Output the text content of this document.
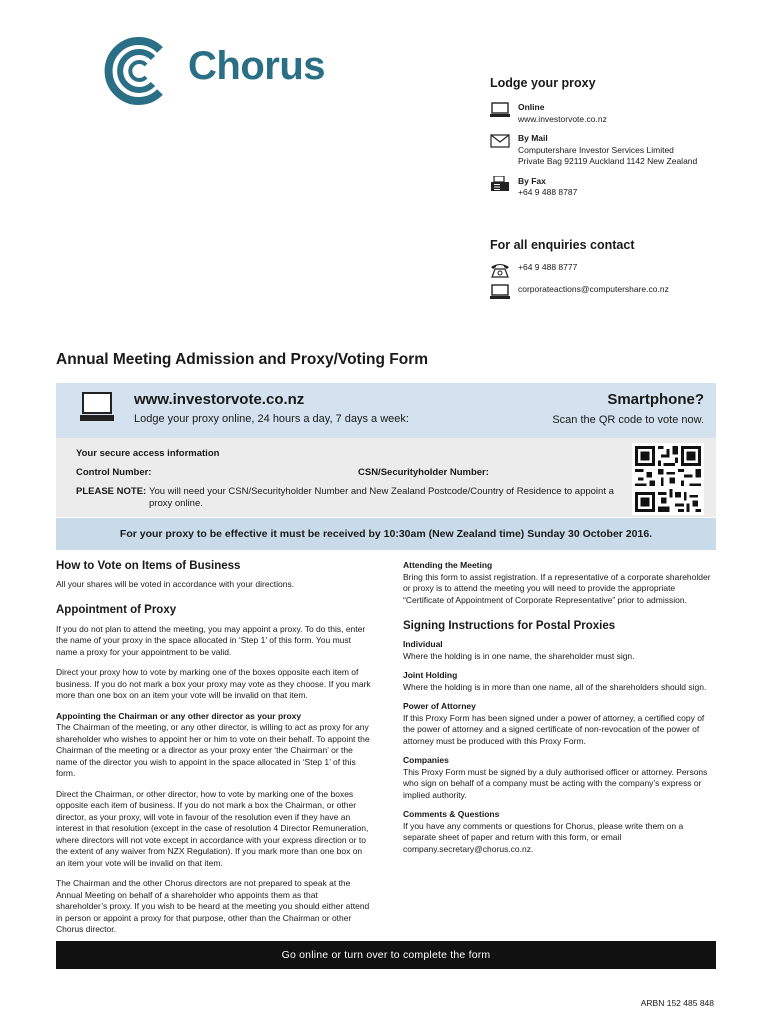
Chorus	Lodge your proxy
Online
www.investorvote.co.nz
By Mail
Computershare Investor Services Limited
Private Bag 92119 Auckland 1142 New Zealand
By Fax
+64 9 488 8787
For all enquiries contact
+64 9 488 8777
corporateactions@computershare.co.nz
Annual Meeting Admission and Proxy/Voting Form
www.investorvote.co.nz
Lodge your proxy online, 24 hours a day, 7 days a week:
Smartphone?
Scan the QR code to vote now.
Your secure access information
Control Number:	CSN/Securityholder Number:
PLEASE NOTE: You will need your CSN/Securityholder Number and New Zealand Postcode/Country of Residence to appoint a proxy online.
For your proxy to be effective it must be received by 10:30am (New Zealand time) Sunday 30 October 2016.
How to Vote on Items of Business

All your shares will be voted in accordance with your directions.

Appointment of Proxy

If you do not plan to attend the meeting, you may appoint a proxy. To do this, enter the name of your proxy in the space allocated in ‘Step 1’ of this form. You must name a proxy for your appointment to be valid.

Direct your proxy how to vote by marking one of the boxes opposite each item of business. If you do not mark a box your proxy may vote as they choose. If you mark more than one box on an item your vote will be invalid on that item.

Appointing the Chairman or any other director as your proxy

The Chairman of the meeting, or any other director, is willing to act as proxy for any shareholder who wishes to appoint her or him to vote on their behalf. To appoint the Chairman of the meeting or a director as your proxy enter ‘the Chairman’ or the name of the director you wish to appoint in the space allocated in ‘Step 1’ of this form.

Direct the Chairman, or other director, how to vote by marking one of the boxes opposite each item of business. If you do not mark a box the Chairman, or other director, as your proxy, will vote in favour of the resolution even if they have an interest in that resolution (except in the case of resolution 4 Director Remuneration, where directors will not vote except in accordance with your express direction or to the extent of any waiver from NZX Regulation). If you mark more than one box on an item your vote will be invalid on that item.

The Chairman and the other Chorus directors are not prepared to speak at the Annual Meeting on behalf of a shareholder who appoints them as that shareholder’s proxy. If you wish to be heard at the meeting you should either attend in person or appoint a proxy for that purpose, other than the Chairman or other Chorus director.

Attending the Meeting

Bring this form to assist registration. If a representative of a corporate shareholder or proxy is to attend the meeting you will need to provide the appropriate “Certificate of Appointment of Corporate Representative” prior to admission.

Signing Instructions for Postal Proxies

Individual

Where the holding is in one name, the shareholder must sign.

Joint Holding

Where the holding is in more than one name, all of the shareholders should sign.

Power of Attorney

If this Proxy Form has been signed under a power of attorney, a certified copy of the power of attorney and a signed certificate of non-revocation of the power of attorney must be produced with this Proxy Form.

Companies

This Proxy Form must be signed by a duly authorised officer or attorney. Persons who sign on behalf of a company must be acting with the company’s express or implied authority.

Comments & Questions

If you have any comments or questions for Chorus, please write them on a separate sheet of paper and return with this form, or email company.secretary@chorus.co.nz.

Go online or turn over to complete the form
ARBN 152 485 848
